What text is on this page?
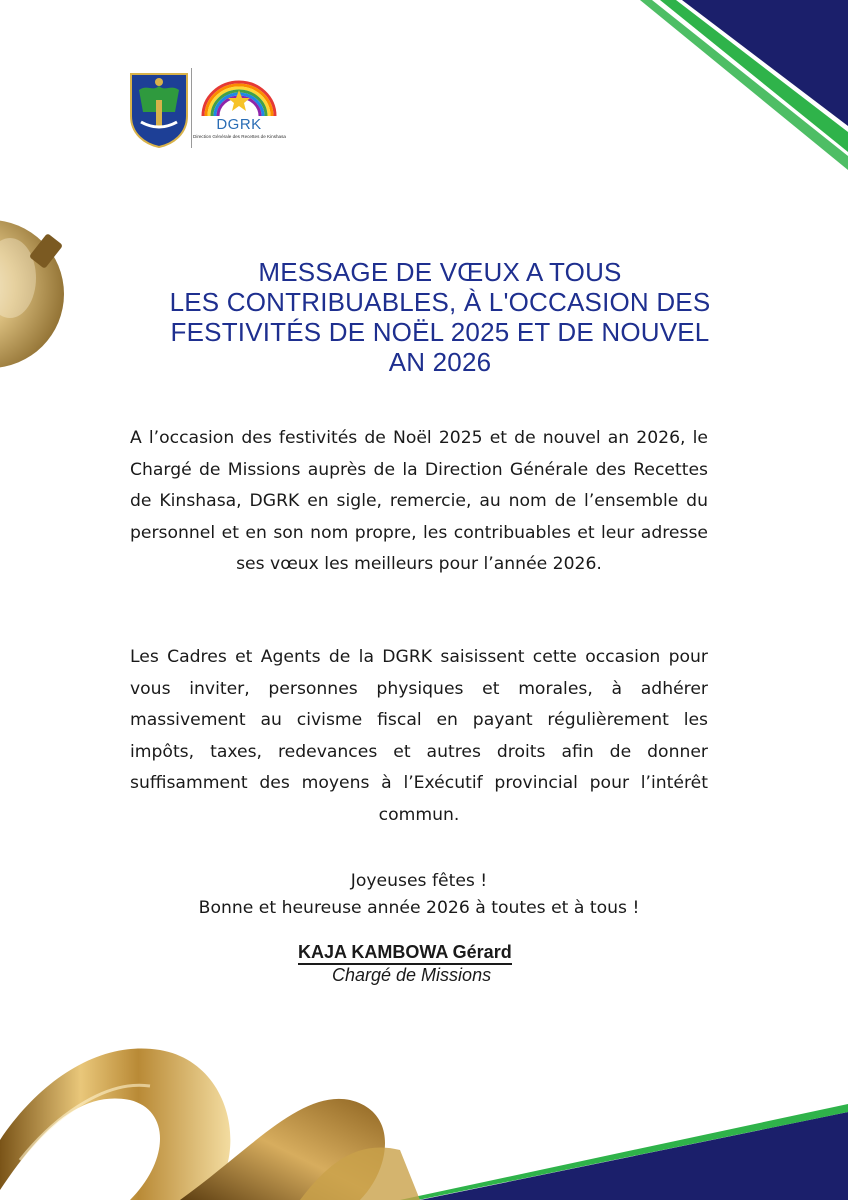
DGRK
Direction Générale des Recettes de Kinshasa
MESSAGE DE VŒUX A TOUS
LES CONTRIBUABLES, À L'OCCASION DES
FESTIVITÉS DE NOËL 2025 ET DE NOUVEL
AN 2026
A l’occasion des festivités de Noël 2025 et de nouvel an 2026, le Chargé de Missions auprès de la Direction Générale des Recettes de Kinshasa, DGRK en sigle, remercie, au nom de l’ensemble du personnel et en son nom propre, les contribuables et leur adresse ses vœux les meilleurs pour l’année 2026.
Les Cadres et Agents de la DGRK saisissent cette occasion pour vous inviter, personnes physiques et morales, à adhérer massivement au civisme fiscal en payant régulièrement les impôts, taxes, redevances et autres droits afin de donner suffisamment des moyens à l’Exécutif provincial pour l’intérêt commun.
Joyeuses fêtes !
Bonne et heureuse année 2026 à toutes et à tous !
KAJA KAMBOWA Gérard
Chargé de Missions
